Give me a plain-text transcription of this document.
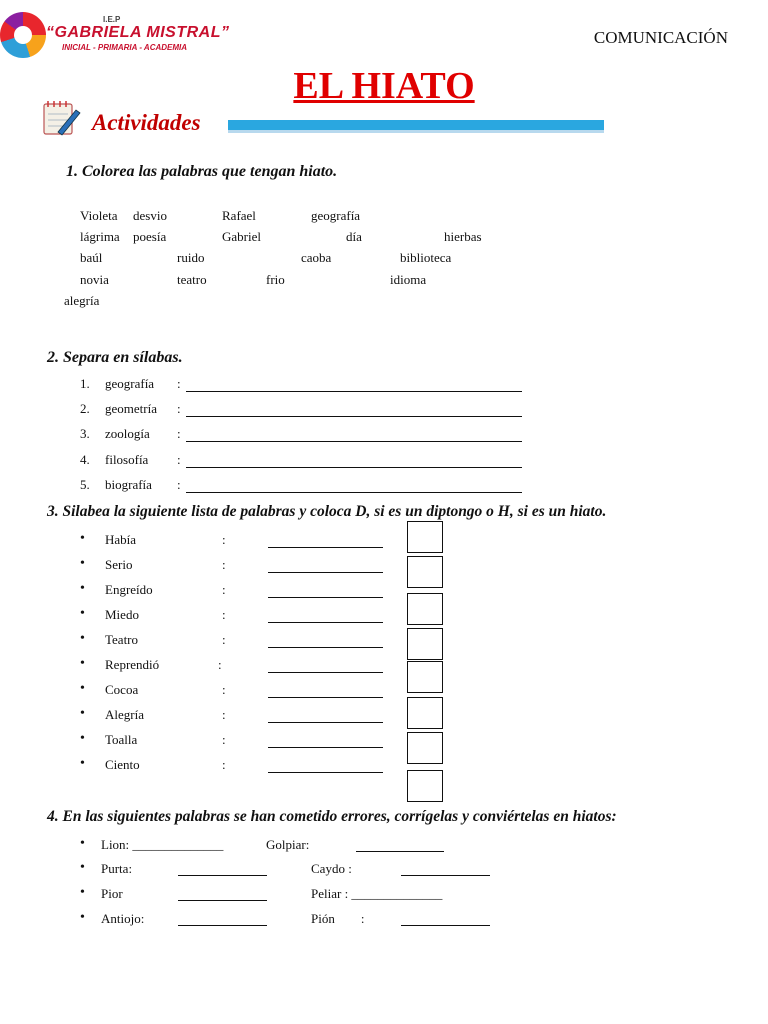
I.E.P
“GABRIELA MISTRAL”
INICIAL - PRIMARIA - ACADEMIA
COMUNICACIÓN
EL HIATO
Actividades
1. Colorea las palabras que tengan hiato.
Violeta desvio	Rafael	geografía
lágrima poesía	Gabriel	día	hierbas
baúl	ruido	caoba	biblioteca
novia	teatro	frio	idioma
alegría
2. Separa en sílabas.
1. geografía :
2. geometría :
3. zoología :
4. filosofía :
5. biografía :
3. Silabea la siguiente lista de palabras y coloca D, si es un diptongo o H, si es un hiato.
• Había	:
• Serio	:
• Engreído	:
• Miedo	:
• Teatro	:
• Reprendió	:
• Cocoa	:
• Alegría	:
• Toalla	:
• Ciento	:
4. En las siguientes palabras se han cometido errores, corrígelas y conviértelas en hiatos:
• Lion: ______________	Golpiar:
• Purta:	Caydo :
• Pior	Peliar : ______________
• Antiojo:	Pión        :
